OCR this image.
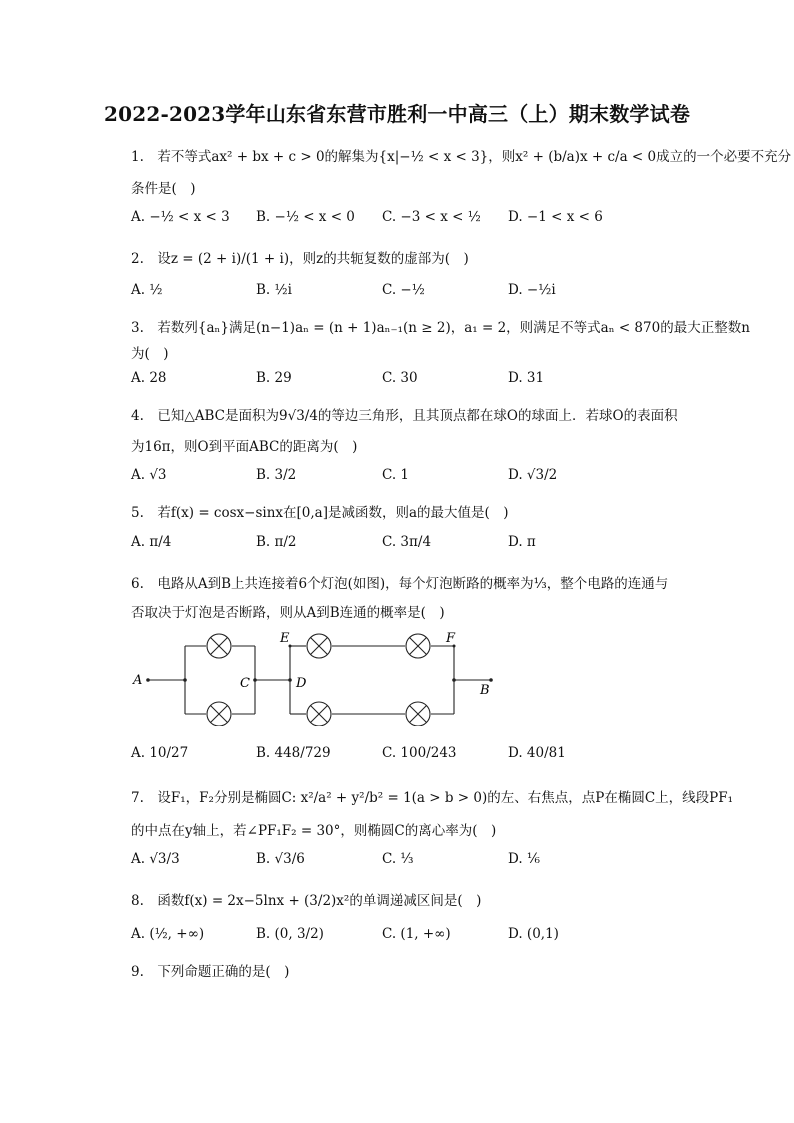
2022-2023学年山东省东营市胜利一中高三（上）期末数学试卷
1.　若不等式ax² + bx + c > 0的解集为{x|−½ < x < 3}，则x² + (b/a)x + c/a < 0成立的一个必要不充分
条件是(　)
A. −½ < x < 3 B. −½ < x < 0 C. −3 < x < ½ D. −1 < x < 6
2.　设z = (2 + i)/(1 + i)，则z的共轭复数的虚部为(　)
A. ½	B. ½i	C. −½	D. −½i
3.　若数列{aₙ}满足(n−1)aₙ = (n + 1)aₙ₋₁(n ≥ 2)，a₁ = 2，则满足不等式aₙ < 870的最大正整数n
为(　)
A. 28	B. 29	C. 30	D. 31
4.　已知△ABC是面积为9√3/4的等边三角形，且其顶点都在球O的球面上．若球O的表面积
为16π，则O到平面ABC的距离为(　)
A. √3	B. 3/2	C. 1	D. √3/2
5.　若f(x) = cosx−sinx在[0,a]是减函数，则a的最大值是(　)
A. π/4	B. π/2	C. 3π/4	D. π
6.　电路从A到B上共连接着6个灯泡(如图)，每个灯泡断路的概率为⅓，整个电路的连通与
否取决于灯泡是否断路，则从A到B连通的概率是(　)
A
B
C	D
E	F
A. 10/27	B. 448/729	C. 100/243	D. 40/81
7.　设F₁，F₂分别是椭圆C: x²/a² + y²/b² = 1(a > b > 0)的左、右焦点，点P在椭圆C上，线段PF₁
的中点在y轴上，若∠PF₁F₂ = 30°，则椭圆C的离心率为(　)
A. √3/3	B. √3/6	C. ⅓	D. ⅙
8.　函数f(x) = 2x−5lnx + (3/2)x²的单调递减区间是(　)
A. (½, +∞)	B. (0, 3/2)	C. (1, +∞)	D. (0,1)
9.　下列命题正确的是(　)
